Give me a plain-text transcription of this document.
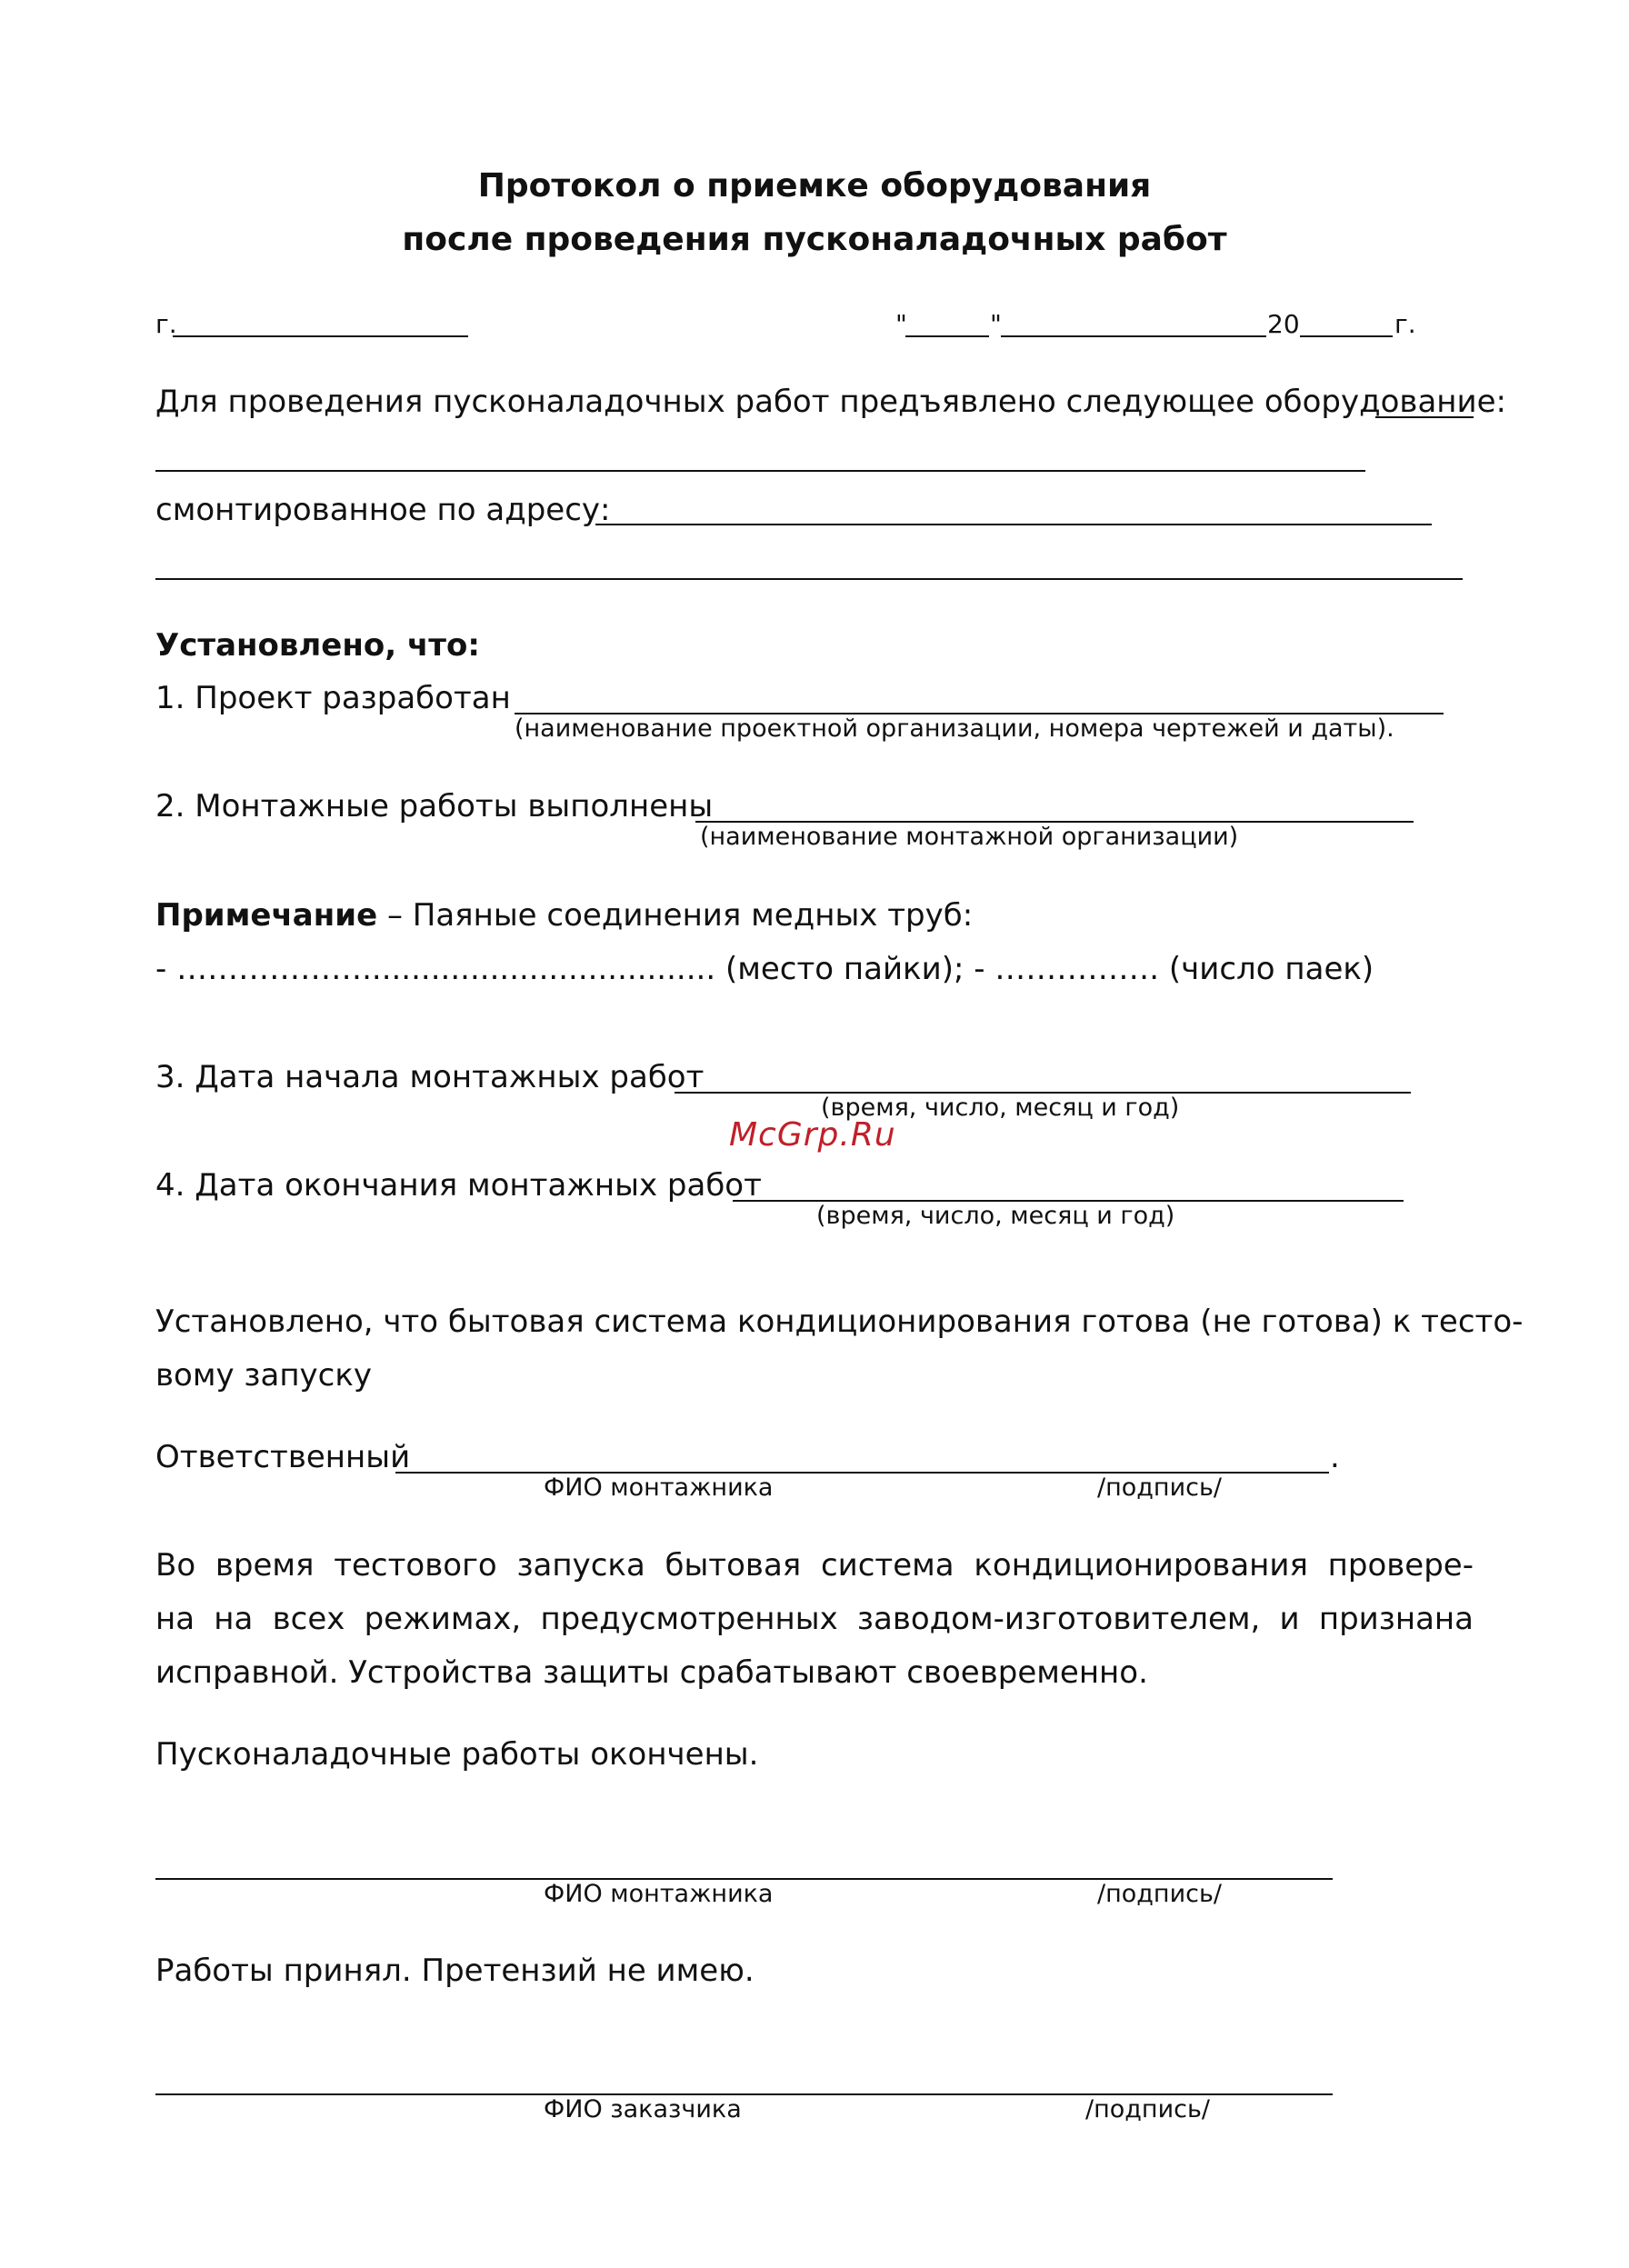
Протокол о приемке оборудования
после проведения пусконаладочных работ
г.	"	"	20	г.
Для проведения пусконаладочных работ предъявлено следующее оборудование:
смонтированное по адресу:
Установлено, что:
1. Проект разработан
(наименование проектной организации, номера чертежей и даты).
2. Монтажные работы выполнены
(наименование монтажной организации)
Примечание – Паяные соединения медных труб:
- ……………….................................... (место пайки); - ……………. (число паек)
3. Дата начала монтажных работ
(время, число, месяц и год)
McGrp.Ru
4. Дата окончания монтажных работ
(время, число, месяц и год)
Установлено, что бытовая система кондиционирования готова (не готова) к тесто-
вому запуску
Ответственный	.
ФИО монтажника	/подпись/
Во время тестового запуска бытовая система кондиционирования провере-
на на всех режимах, предусмотренных заводом-изготовителем, и признана
исправной. Устройства защиты срабатывают своевременно.
Пусконаладочные работы окончены.
ФИО монтажника	/подпись/
Работы принял. Претензий не имею.
ФИО заказчика	/подпись/
